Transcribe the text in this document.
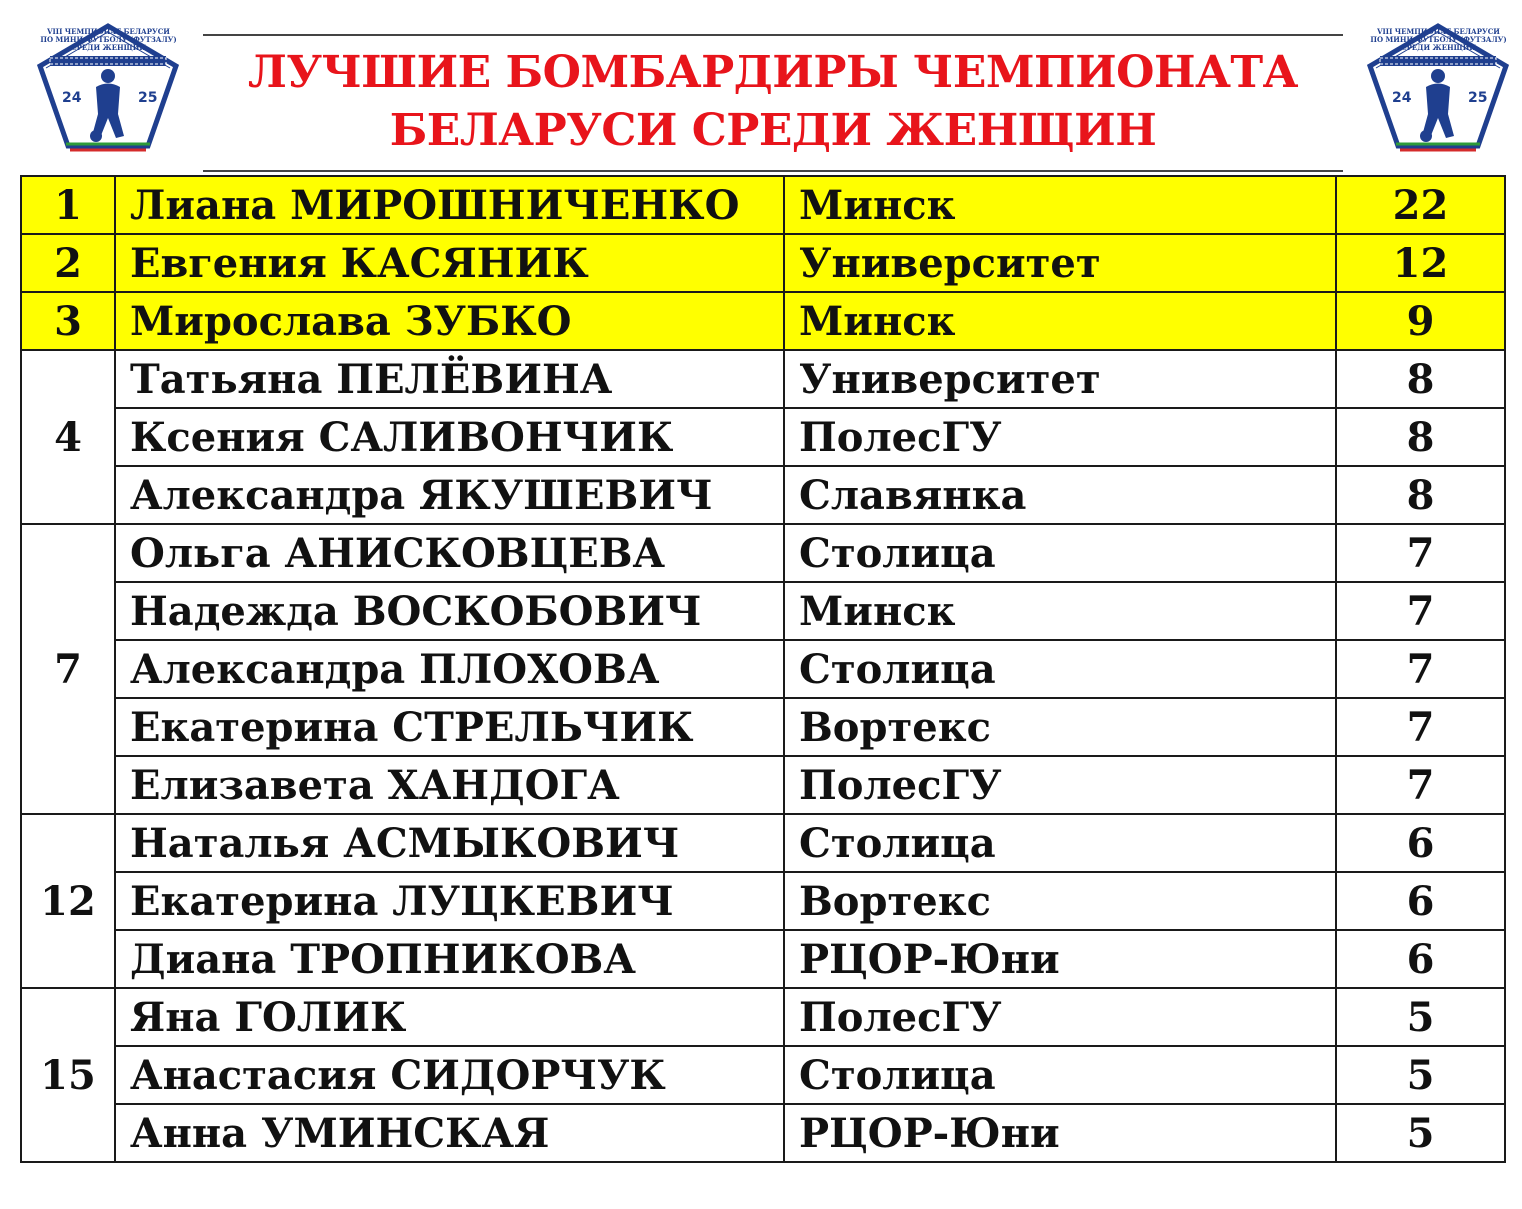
ЛУЧШИЕ БОМБАРДИРЫ ЧЕМПИОНАТА
БЕЛАРУСИ СРЕДИ ЖЕНЩИН
VIII ЧЕМПИОНАТ БЕЛАРУСИ
ПО МИНИ-ФУТБОЛУ (ФУТЗАЛУ)
СРЕДИ ЖЕНЩИН
24	25
VIII ЧЕМПИОНАТ БЕЛАРУСИ
ПО МИНИ-ФУТБОЛУ (ФУТЗАЛУ)
СРЕДИ ЖЕНЩИН
24	25
1	Лиана МИРОШНИЧЕНКО	Минск	22
2	Евгения КАСЯНИК	Университет	12
3	Мирослава ЗУБКО	Минск	9
4	Татьяна ПЕЛЁВИНА	Университет	8
	Ксения САЛИВОНЧИК	ПолесГУ	8
	Александра ЯКУШЕВИЧ	Славянка	8
7	Ольга АНИСКОВЦЕВА	Столица	7
	Надежда ВОСКОБОВИЧ	Минск	7
	Александра ПЛОХОВА	Столица	7
	Екатерина СТРЕЛЬЧИК	Вортекс	7
	Елизавета ХАНДОГА	ПолесГУ	7
12	Наталья АСМЫКОВИЧ	Столица	6
	Екатерина ЛУЦКЕВИЧ	Вортекс	6
	Диана ТРОПНИКОВА	РЦОР-Юни	6
15	Яна ГОЛИК	ПолесГУ	5
	Анастасия СИДОРЧУК	Столица	5
	Анна УМИНСКАЯ	РЦОР-Юни	5
